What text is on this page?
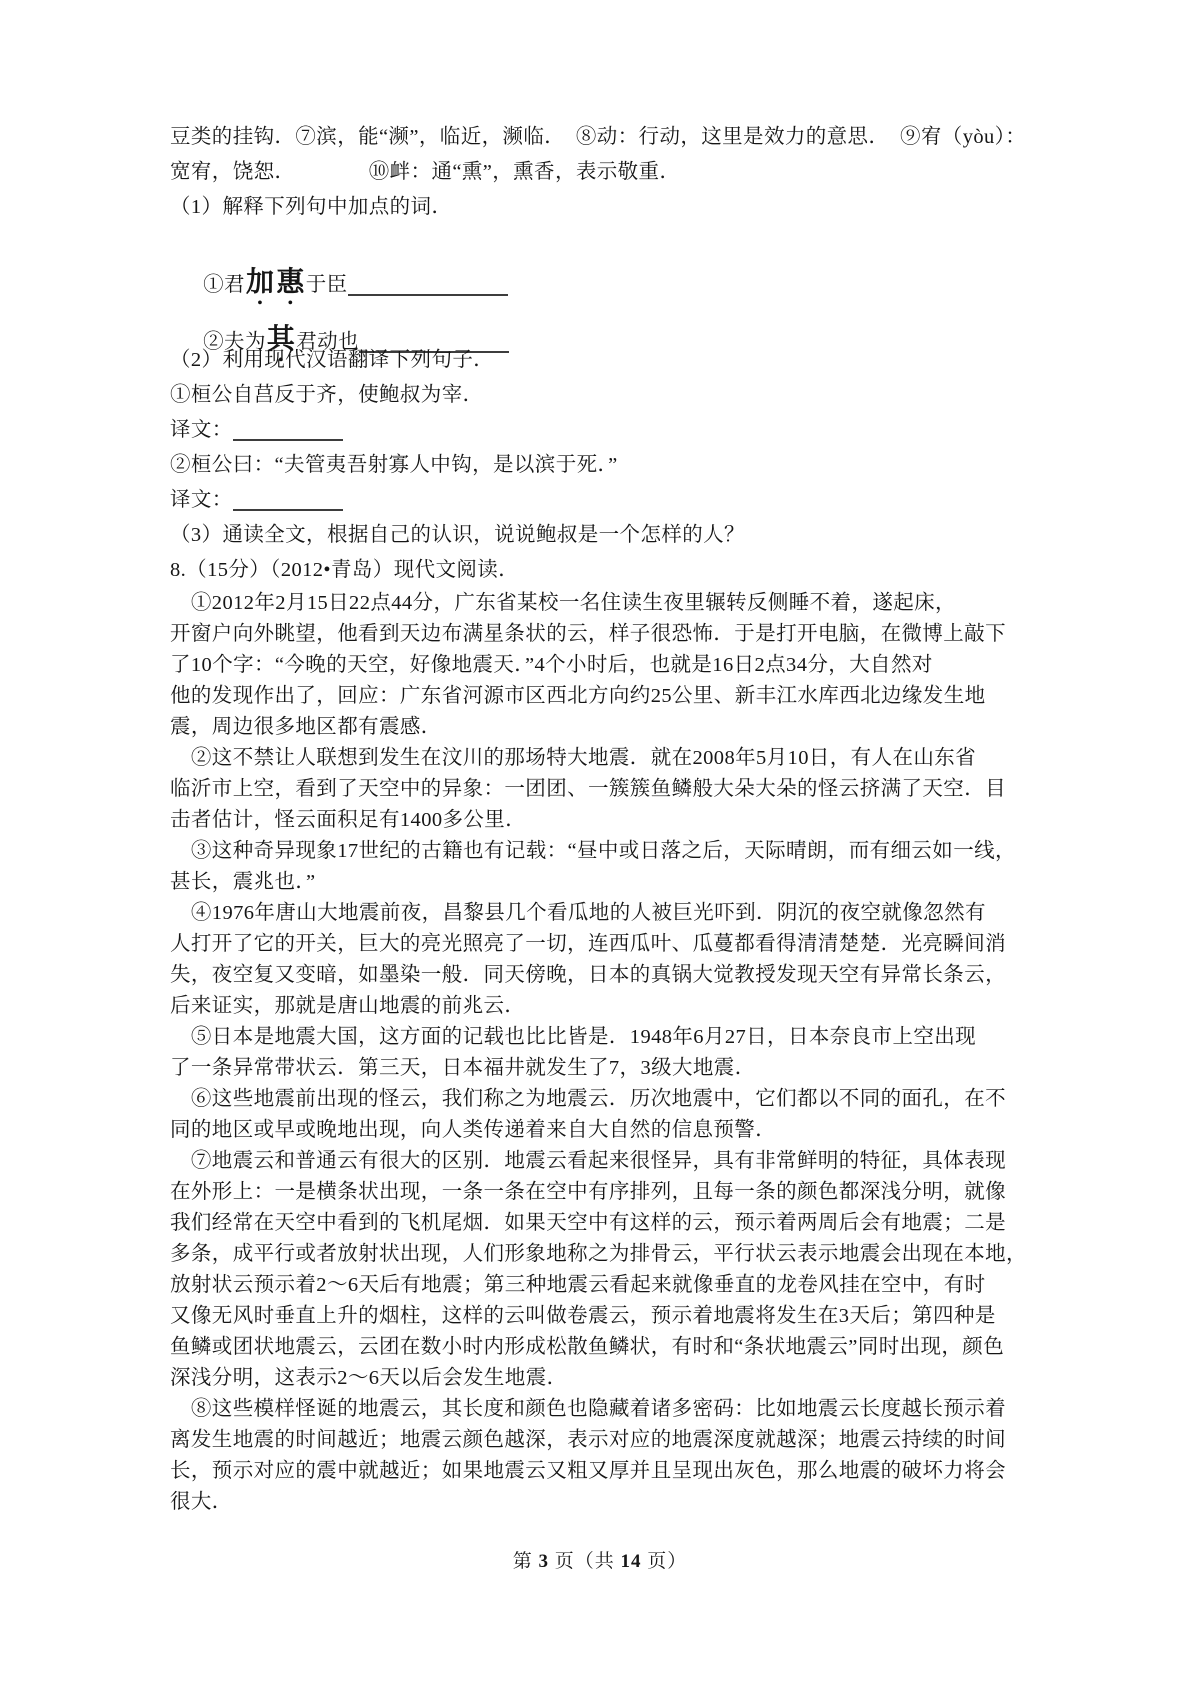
豆类的挂钩．⑦滨，能“濒”，临近，濒临．　⑧动：行动，这里是效力的意思．　⑨宥（yòu）：
宽宥，饶恕．　　　　⑩衅：通“熏”，熏香，表示敬重．
（1）解释下列句中加点的词．

①君加惠于臣

②夫为其君动也

（2）利用现代汉语翻译下列句子．
①桓公自莒反于齐，使鲍叔为宰．
译文：
②桓公曰：“夫管夷吾射寡人中钩，是以滨于死．”
译文：
（3）通读全文，根据自己的认识，说说鲍叔是一个怎样的人？
8.（15分）（2012•青岛）现代文阅读．
　①2012年2月15日22点44分，广东省某校一名住读生夜里辗转反侧睡不着，遂起床，
开窗户向外眺望，他看到天边布满星条状的云，样子很恐怖．于是打开电脑，在微博上敲下
了10个字：“今晚的天空，好像地震天．”4个小时后，也就是16日2点34分，大自然对
他的发现作出了，回应：广东省河源市区西北方向约25公里、新丰江水库西北边缘发生地
震，周边很多地区都有震感．
　②这不禁让人联想到发生在汶川的那场特大地震．就在2008年5月10日，有人在山东省
临沂市上空，看到了天空中的异象：一团团、一簇簇鱼鳞般大朵大朵的怪云挤满了天空．目
击者估计，怪云面积足有1400多公里．
　③这种奇异现象17世纪的古籍也有记载：“昼中或日落之后，天际晴朗，而有细云如一线，
甚长，震兆也．”
　④1976年唐山大地震前夜，昌黎县几个看瓜地的人被巨光吓到．阴沉的夜空就像忽然有
人打开了它的开关，巨大的亮光照亮了一切，连西瓜叶、瓜蔓都看得清清楚楚．光亮瞬间消
失，夜空复又变暗，如墨染一般．同天傍晚，日本的真锅大觉教授发现天空有异常长条云，
后来证实，那就是唐山地震的前兆云．
　⑤日本是地震大国，这方面的记载也比比皆是．1948年6月27日，日本奈良市上空出现
了一条异常带状云．第三天，日本福井就发生了7，3级大地震．
　⑥这些地震前出现的怪云，我们称之为地震云．历次地震中，它们都以不同的面孔，在不
同的地区或早或晚地出现，向人类传递着来自大自然的信息预警．
　⑦地震云和普通云有很大的区别．地震云看起来很怪异，具有非常鲜明的特征，具体表现
在外形上：一是横条状出现，一条一条在空中有序排列，且每一条的颜色都深浅分明，就像
我们经常在天空中看到的飞机尾烟．如果天空中有这样的云，预示着两周后会有地震；二是
多条，成平行或者放射状出现，人们形象地称之为排骨云，平行状云表示地震会出现在本地，
放射状云预示着2～6天后有地震；第三种地震云看起来就像垂直的龙卷风挂在空中，有时
又像无风时垂直上升的烟柱，这样的云叫做卷震云，预示着地震将发生在3天后；第四种是
鱼鳞或团状地震云，云团在数小时内形成松散鱼鳞状，有时和“条状地震云”同时出现，颜色
深浅分明，这表示2～6天以后会发生地震．
　⑧这些模样怪诞的地震云，其长度和颜色也隐藏着诸多密码：比如地震云长度越长预示着
离发生地震的时间越近；地震云颜色越深，表示对应的地震深度就越深；地震云持续的时间
长，预示对应的震中就越近；如果地震云又粗又厚并且呈现出灰色，那么地震的破坏力将会
很大．
第 3 页（共 14 页）
